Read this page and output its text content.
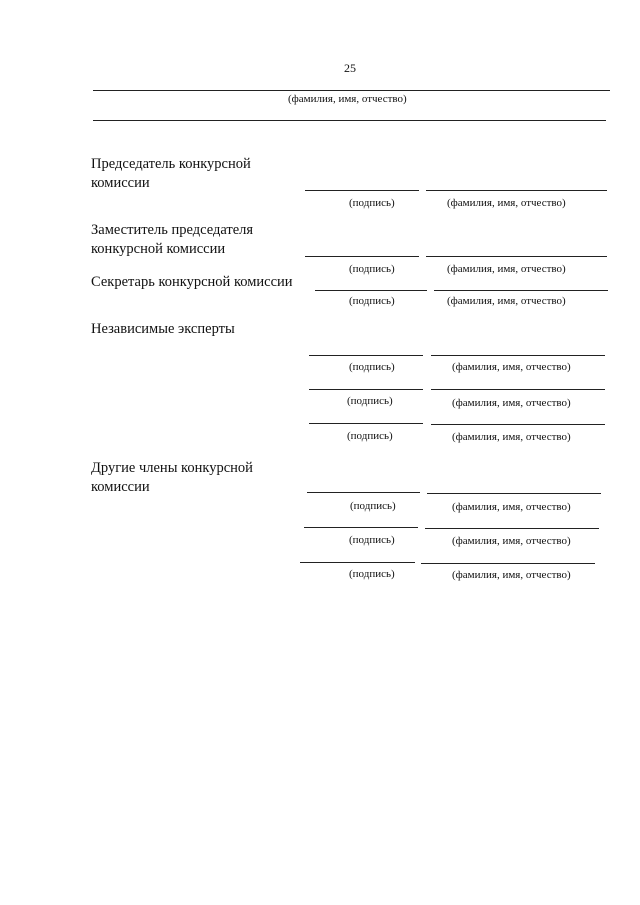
25
(фамилия, имя, отчество)
Председатель конкурсной
комиссии
(подпись)	(фамилия, имя, отчество)
Заместитель председателя
конкурсной комиссии
(подпись)	(фамилия, имя, отчество)
Секретарь конкурсной комиссии
(подпись)	(фамилия, имя, отчество)
Независимые эксперты
(подпись)	(фамилия, имя, отчество)
(подпись)	(фамилия, имя, отчество)
(подпись)	(фамилия, имя, отчество)
Другие члены конкурсной
комиссии
(подпись)	(фамилия, имя, отчество)
(подпись)	(фамилия, имя, отчество)
(подпись)	(фамилия, имя, отчество)
